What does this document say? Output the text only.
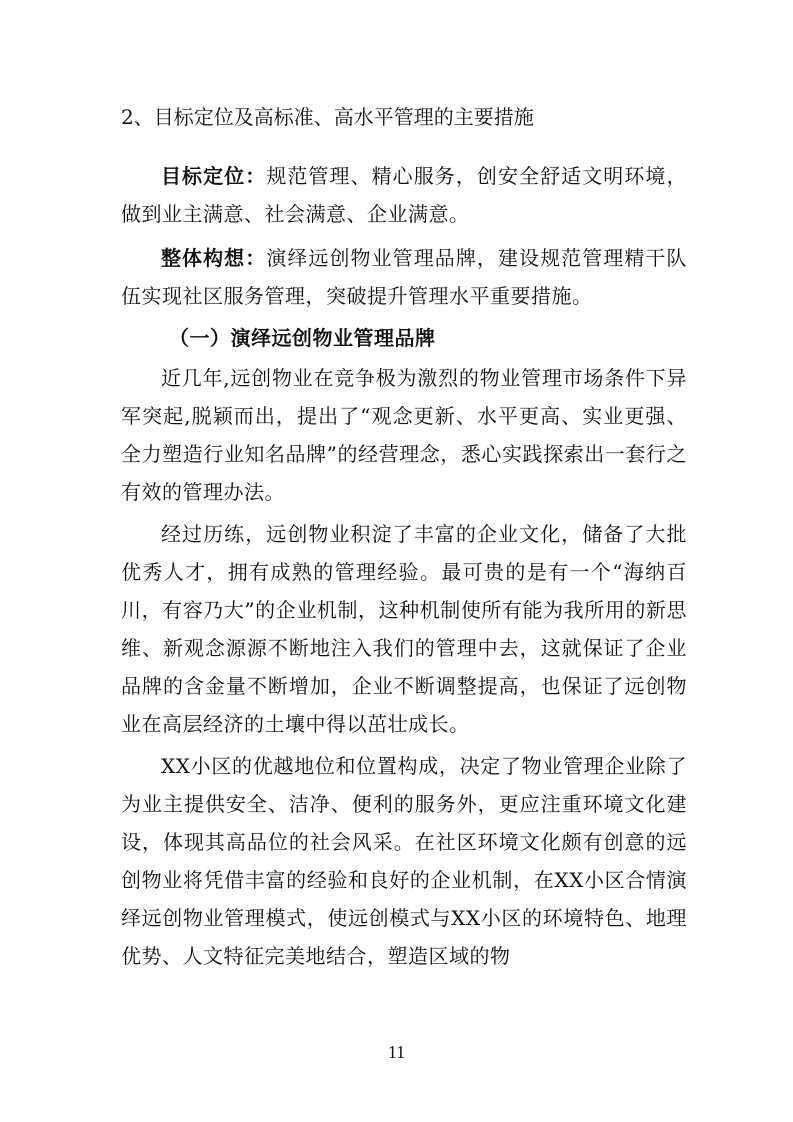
2、目标定位及高标准、高水平管理的主要措施

目标定位：规范管理、精心服务，创安全舒适文明环境，做到业主满意、社会满意、企业满意。

整体构想：演绎远创物业管理品牌，建设规范管理精干队伍实现社区服务管理，突破提升管理水平重要措施。

（一）演绎远创物业管理品牌

近几年,远创物业在竞争极为激烈的物业管理市场条件下异军突起,脱颖而出，提出了“观念更新、水平更高、实业更强、全力塑造行业知名品牌”的经营理念，悉心实践探索出一套行之有效的管理办法。

经过历练，远创物业积淀了丰富的企业文化，储备了大批优秀人才，拥有成熟的管理经验。最可贵的是有一个“海纳百川，有容乃大”的企业机制，这种机制使所有能为我所用的新思维、新观念源源不断地注入我们的管理中去，这就保证了企业品牌的含金量不断增加，企业不断调整提高，也保证了远创物业在高层经济的土壤中得以茁壮成长。

XX小区的优越地位和位置构成，决定了物业管理企业除了为业主提供安全、洁净、便利的服务外，更应注重环境文化建设，体现其高品位的社会风采。在社区环境文化颇有创意的远创物业将凭借丰富的经验和良好的企业机制，在XX小区合情演绎远创物业管理模式，使远创模式与XX小区的环境特色、地理优势、人文特征完美地结合，塑造区域的物

11
